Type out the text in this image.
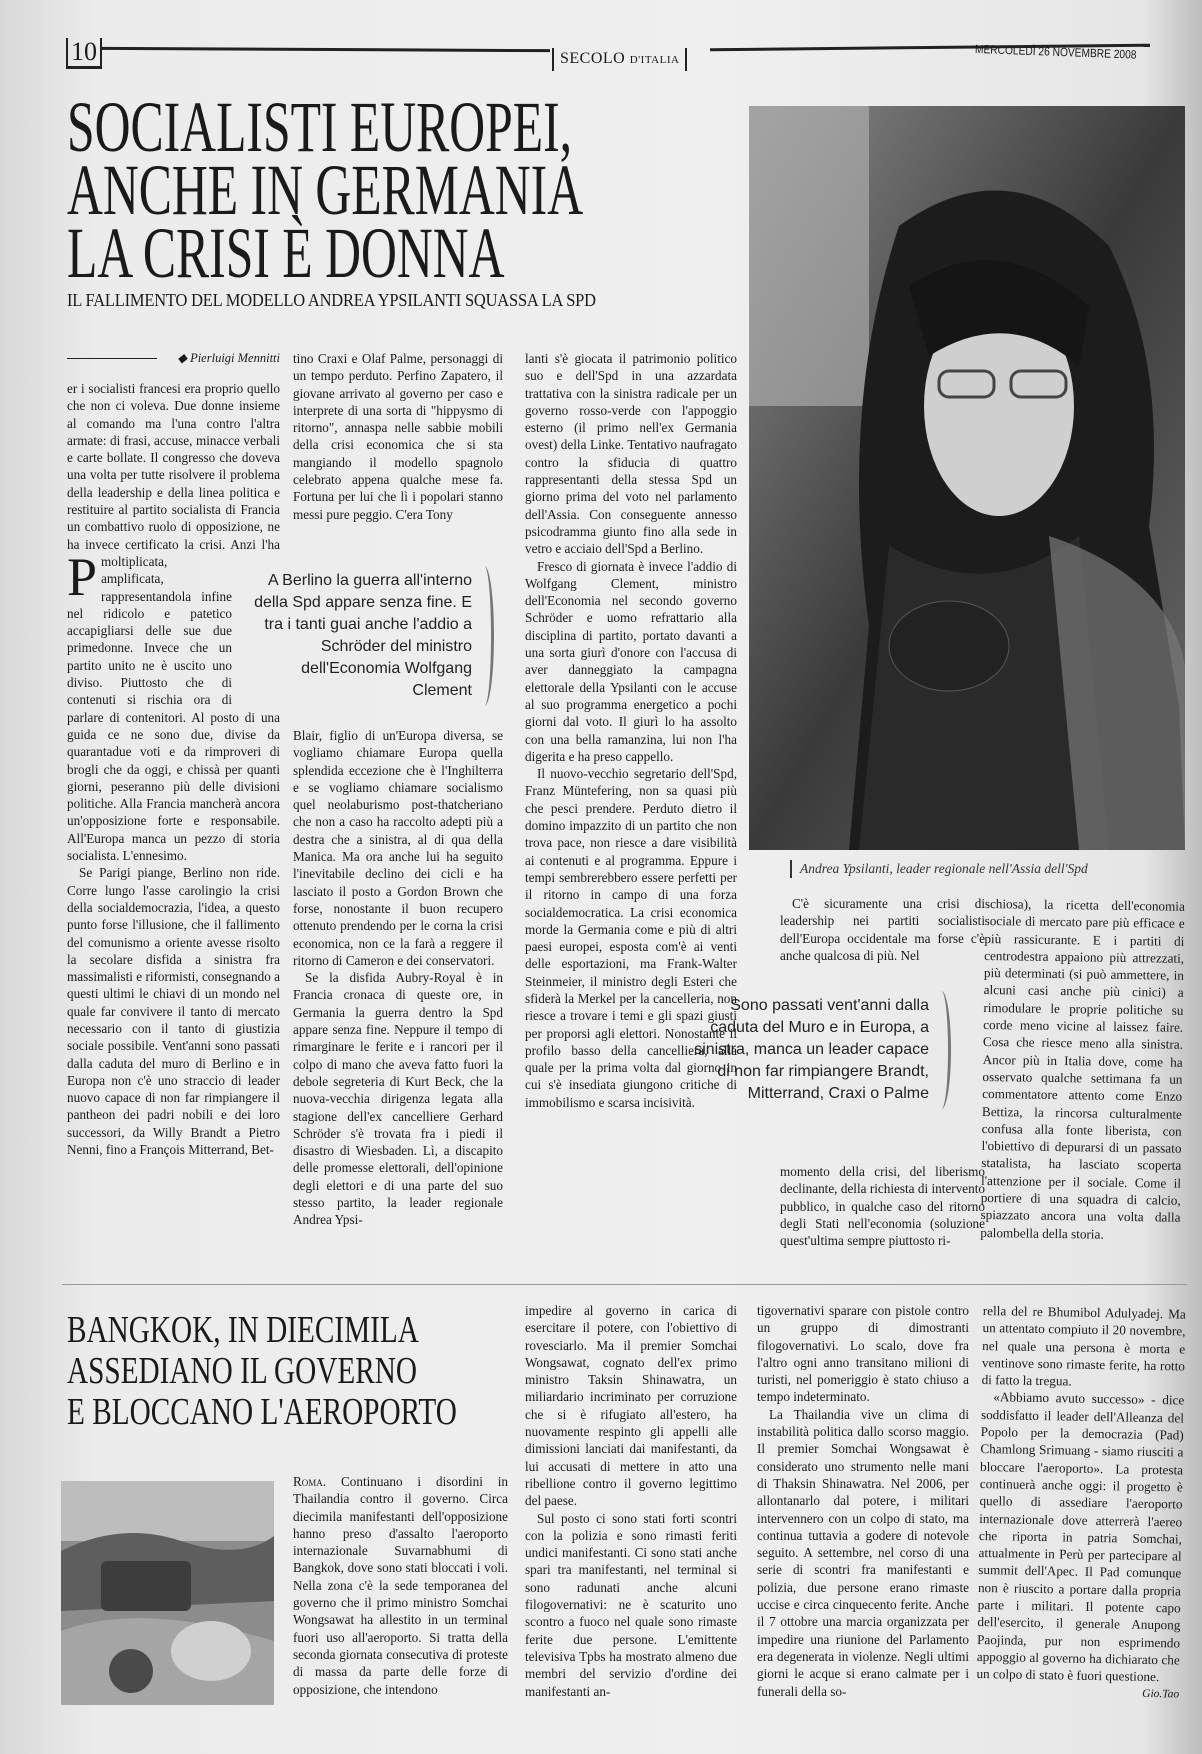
10	SECOLO D'ITALIA	MERCOLEDÌ 26 NOVEMBRE 2008
SOCIALISTI EUROPEI,
ANCHE IN GERMANIA
LA CRISI È DONNA
IL FALLIMENTO DEL MODELLO ANDREA YPSILANTI SQUASSA LA SPD
Andrea Ypsilanti, leader regionale nell'Assia dell'Spd
◆ Pierluigi Mennitti
P

er i socialisti francesi era proprio quello che non ci voleva. Due donne insieme al comando ma l'una contro l'altra armate: di frasi, accuse, minacce verbali e carte bollate. Il congresso che doveva una volta per tutte risolvere il problema della leadership e della linea politica e restituire al partito socialista di Francia un combattivo ruolo di opposizione, ne ha invece certificato la crisi. Anzi l'ha moltiplicata, amplificata, rappresentandola infine nel ridicolo e patetico accapigliarsi delle sue due primedonne. Invece che un partito unito ne è uscito uno diviso. Piuttosto che di contenuti si rischia ora di parlare di contenitori. Al posto di una guida ce ne sono due, divise da quarantadue voti e da rimproveri di brogli che da oggi, e chissà per quanti giorni, peseranno più delle divisioni politiche. Alla Francia mancherà ancora un'opposizione forte e responsabile. All'Europa manca un pezzo di storia socialista. L'ennesimo.

Se Parigi piange, Berlino non ride. Corre lungo l'asse carolingio la crisi della socialdemocrazia, l'idea, a questo punto forse l'illusione, che il fallimento del comunismo a oriente avesse risolto la secolare disfida a sinistra fra massimalisti e riformisti, consegnando a questi ultimi le chiavi di un mondo nel quale far convivere il tanto di mercato necessario con il tanto di giustizia sociale possibile. Vent'anni sono passati dalla caduta del muro di Berlino e in Europa non c'è uno straccio di leader nuovo capace di non far rimpiangere il pantheon dei padri nobili e dei loro successori, da Willy Brandt a Pietro Nenni, fino a François Mitterrand, Bet-

tino Craxi e Olaf Palme, personaggi di un tempo perduto. Perfino Zapatero, il giovane arrivato al governo per caso e interprete di una sorta di "hippysmo di ritorno", annaspa nelle sabbie mobili della crisi economica che si sta mangiando il modello spagnolo celebrato appena qualche mese fa. Fortuna per lui che lì i popolari stanno messi pure peggio. C'era Tony

Blair, figlio di un'Europa diversa, se vogliamo chiamare Europa quella splendida eccezione che è l'Inghilterra e se vogliamo chiamare socialismo quel neolaburismo post-thatcheriano che non a caso ha raccolto adepti più a destra che a sinistra, al di qua della Manica. Ma ora anche lui ha seguito l'inevitabile declino dei cicli e ha lasciato il posto a Gordon Brown che forse, nonostante il buon recupero ottenuto prendendo per le corna la crisi economica, non ce la farà a reggere il ritorno di Cameron e dei conservatori.

Se la disfida Aubry-Royal è in Francia cronaca di queste ore, in Germania la guerra dentro la Spd appare senza fine. Neppure il tempo di rimarginare le ferite e i rancori per il colpo di mano che aveva fatto fuori la debole segreteria di Kurt Beck, che la nuova-vecchia dirigenza legata alla stagione dell'ex cancelliere Gerhard Schröder s'è trovata fra i piedi il disastro di Wiesbaden. Lì, a discapito delle promesse elettorali, dell'opinione degli elettori e di una parte del suo stesso partito, la leader regionale Andrea Ypsi-

lanti s'è giocata il patrimonio politico suo e dell'Spd in una azzardata trattativa con la sinistra radicale per un governo rosso-verde con l'appoggio esterno (il primo nell'ex Germania ovest) della Linke. Tentativo naufragato contro la sfiducia di quattro rappresentanti della stessa Spd un giorno prima del voto nel parlamento dell'Assia. Con conseguente annesso psicodramma giunto fino alla sede in vetro e acciaio dell'Spd a Berlino.

Fresco di giornata è invece l'addio di Wolfgang Clement, ministro dell'Economia nel secondo governo Schröder e uomo refrattario alla disciplina di partito, portato davanti a una sorta giurì d'onore con l'accusa di aver danneggiato la campagna elettorale della Ypsilanti con le accuse al suo programma energetico a pochi giorni dal voto. Il giurì lo ha assolto con una bella ramanzina, lui non l'ha digerita e ha preso cappello.

Il nuovo-vecchio segretario dell'Spd, Franz Müntefering, non sa quasi più che pesci prendere. Perduto dietro il domino impazzito di un partito che non trova pace, non riesce a dare visibilità ai contenuti e al programma. Eppure i tempi sembrerebbero essere perfetti per il ritorno in campo di una forza socialdemocratica. La crisi economica morde la Germania come e più di altri paesi europei, esposta com'è ai venti delle esportazioni, ma Frank-Walter Steinmeier, il ministro degli Esteri che sfiderà la Merkel per la cancelleria, non riesce a trovare i temi e gli spazi giusti per proporsi agli elettori. Nonostante il profilo basso della cancelliera, alla quale per la prima volta dal giorno in cui s'è insediata giungono critiche di immobilismo e scarsa incisività.

A Berlino la guerra all'interno della Spd appare senza fine. E tra i tanti guai anche l'addio a Schröder del ministro dell'Economia Wolfgang Clement

C'è sicuramente una crisi di leadership nei partiti socialisti dell'Europa occidentale ma forse c'è anche qualcosa di più. Nel

Sono passati vent'anni dalla caduta del Muro e in Europa, a sinistra, manca un leader capace di non far rimpiangere Brandt, Mitterrand, Craxi o Palme

momento della crisi, del liberismo declinante, della richiesta di intervento pubblico, in qualche caso del ritorno degli Stati nell'economia (soluzione quest'ultima sempre piuttosto ri-

schiosa), la ricetta dell'economia sociale di mercato pare più efficace e più rassicurante. E i partiti di centrodestra appaiono più attrezzati, più determinati (si può ammettere, in alcuni casi anche più cinici) a rimodulare le proprie politiche su corde meno vicine al laissez faire. Cosa che riesce meno alla sinistra. Ancor più in Italia dove, come ha osservato qualche settimana fa un commentatore attento come Enzo Bettiza, la rincorsa culturalmente confusa alla fonte liberista, con l'obiettivo di depurarsi di un passato statalista, ha lasciato scoperta l'attenzione per il sociale. Come il portiere di una squadra di calcio, spiazzato ancora una volta dalla palombella della storia.

BANGKOK, IN DIECIMILA
ASSEDIANO IL GOVERNO
E BLOCCANO L'AEROPORTO

Roma. Continuano i disordini in Thailandia contro il governo. Circa diecimila manifestanti dell'opposizione hanno preso d'assalto l'aeroporto internazionale Suvarnabhumi di Bangkok, dove sono stati bloccati i voli. Nella zona c'è la sede temporanea del governo che il primo ministro Somchai Wongsawat ha allestito in un terminal fuori uso all'aeroporto. Si tratta della seconda giornata consecutiva di proteste di massa da parte delle forze di opposizione, che intendono

impedire al governo in carica di esercitare il potere, con l'obiettivo di rovesciarlo. Ma il premier Somchai Wongsawat, cognato dell'ex primo ministro Taksin Shinawatra, un miliardario incriminato per corruzione che si è rifugiato all'estero, ha nuovamente respinto gli appelli alle dimissioni lanciati dai manifestanti, da lui accusati di mettere in atto una ribellione contro il governo legittimo del paese.

Sul posto ci sono stati forti scontri con la polizia e sono rimasti feriti undici manifestanti. Ci sono stati anche spari tra manifestanti, nel terminal si sono radunati anche alcuni filogovernativi: ne è scaturito uno scontro a fuoco nel quale sono rimaste ferite due persone. L'emittente televisiva Tpbs ha mostrato almeno due membri del servizio d'ordine dei manifestanti an-

tigovernativi sparare con pistole contro un gruppo di dimostranti filogovernativi. Lo scalo, dove fra l'altro ogni anno transitano milioni di turisti, nel pomeriggio è stato chiuso a tempo indeterminato.

La Thailandia vive un clima di instabilità politica dallo scorso maggio. Il premier Somchai Wongsawat è considerato uno strumento nelle mani di Thaksin Shinawatra. Nel 2006, per allontanarlo dal potere, i militari intervennero con un colpo di stato, ma continua tuttavia a godere di notevole seguito. A settembre, nel corso di una serie di scontri fra manifestanti e polizia, due persone erano rimaste uccise e circa cinquecento ferite. Anche il 7 ottobre una marcia organizzata per impedire una riunione del Parlamento era degenerata in violenze. Negli ultimi giorni le acque si erano calmate per i funerali della so-

rella del re Bhumibol Adulyadej. Ma un attentato compiuto il 20 novembre, nel quale una persona è morta e ventinove sono rimaste ferite, ha rotto di fatto la tregua.

«Abbiamo avuto successo» - dice soddisfatto il leader dell'Alleanza del Popolo per la democrazia (Pad) Chamlong Srimuang - siamo riusciti a bloccare l'aeroporto». La protesta continuerà anche oggi: il progetto è quello di assediare l'aeroporto internazionale dove atterrerà l'aereo che riporta in patria Somchai, attualmente in Perù per partecipare al summit dell'Apec. Il Pad comunque non è riuscito a portare dalla propria parte i militari. Il potente capo dell'esercito, il generale Anupong Paojinda, pur non esprimendo appoggio al governo ha dichiarato che un colpo di stato è fuori questione.

Gio.Tao
